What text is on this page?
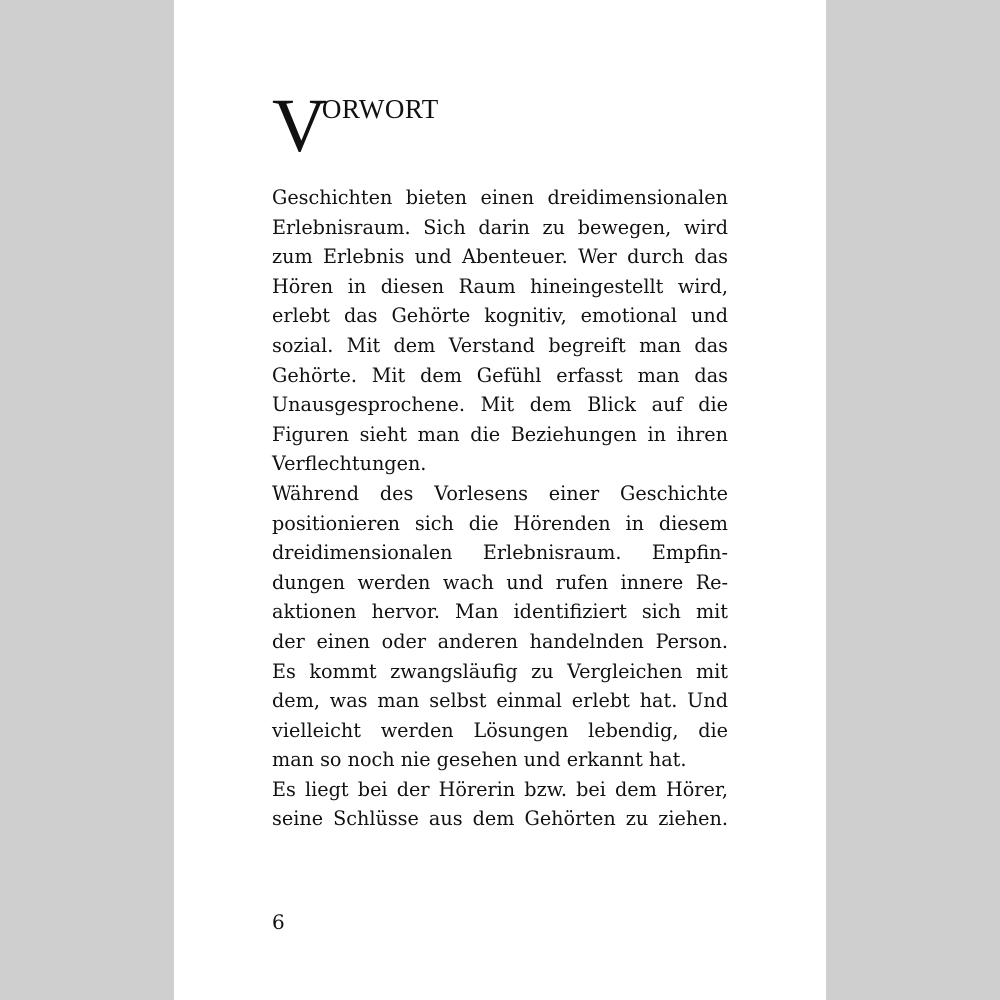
VORWORT
Geschichten bieten einen dreidimensionalen
Erlebnisraum. Sich darin zu bewegen, wird
zum Erlebnis und Abenteuer. Wer durch das
Hören in diesen Raum hineingestellt wird,
erlebt das Gehörte kognitiv, emotional und
sozial. Mit dem Verstand begreift man das
Gehörte. Mit dem Gefühl erfasst man das
Unausgesprochene. Mit dem Blick auf die
Figuren sieht man die Beziehungen in ihren
Verflechtungen.
Während des Vorlesens einer Geschichte
positionieren sich die Hörenden in diesem
dreidimensionalen Erlebnisraum. Empfin-
dungen werden wach und rufen innere Re-
aktionen hervor. Man identifiziert sich mit
der einen oder anderen handelnden Person.
Es kommt zwangsläufig zu Vergleichen mit
dem, was man selbst einmal erlebt hat. Und
vielleicht werden Lösungen lebendig, die
man so noch nie gesehen und erkannt hat.
Es liegt bei der Hörerin bzw. bei dem Hörer,
seine Schlüsse aus dem Gehörten zu ziehen.
6
